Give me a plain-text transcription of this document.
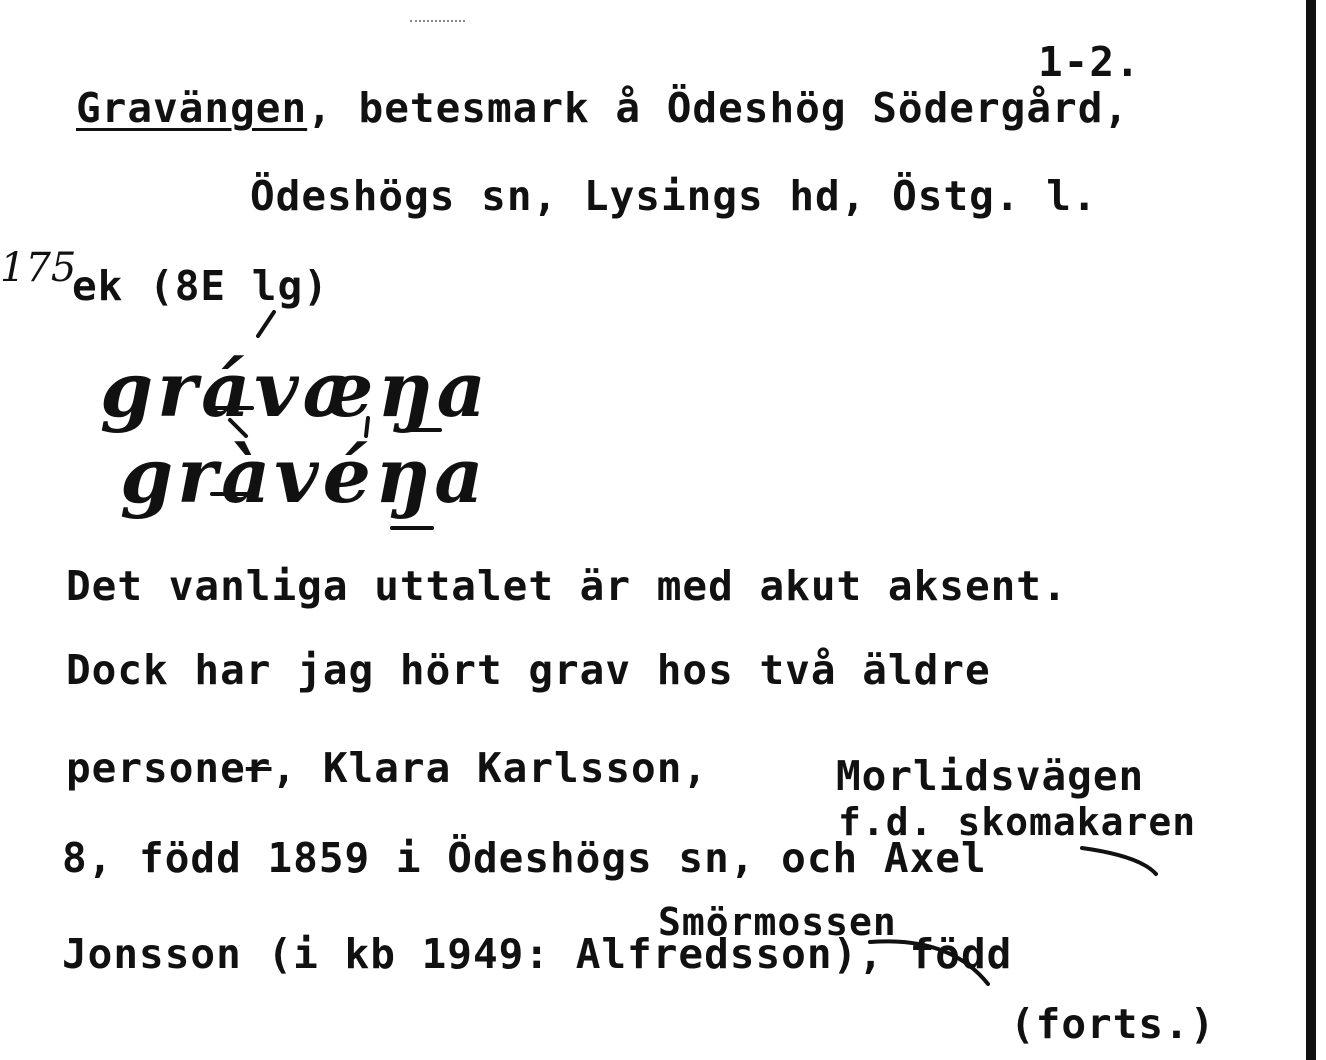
1-2.
Gravängen, betesmark å Ödeshög Södergård,
Ödeshögs sn, Lysings hd, Östg. l.
175
ek (8E lg)
grávæŋa
gràvéŋa
Det vanliga uttalet är med akut aksent.
Dock har jag hört grav hos två äldre
personer, Klara Karlsson, Morlidsvägen
f.d. skomakaren
8, född 1859 i Ödeshögs sn, och Axel
Smörmossen
Jonsson (i kb 1949: Alfredsson), född
(forts.)
